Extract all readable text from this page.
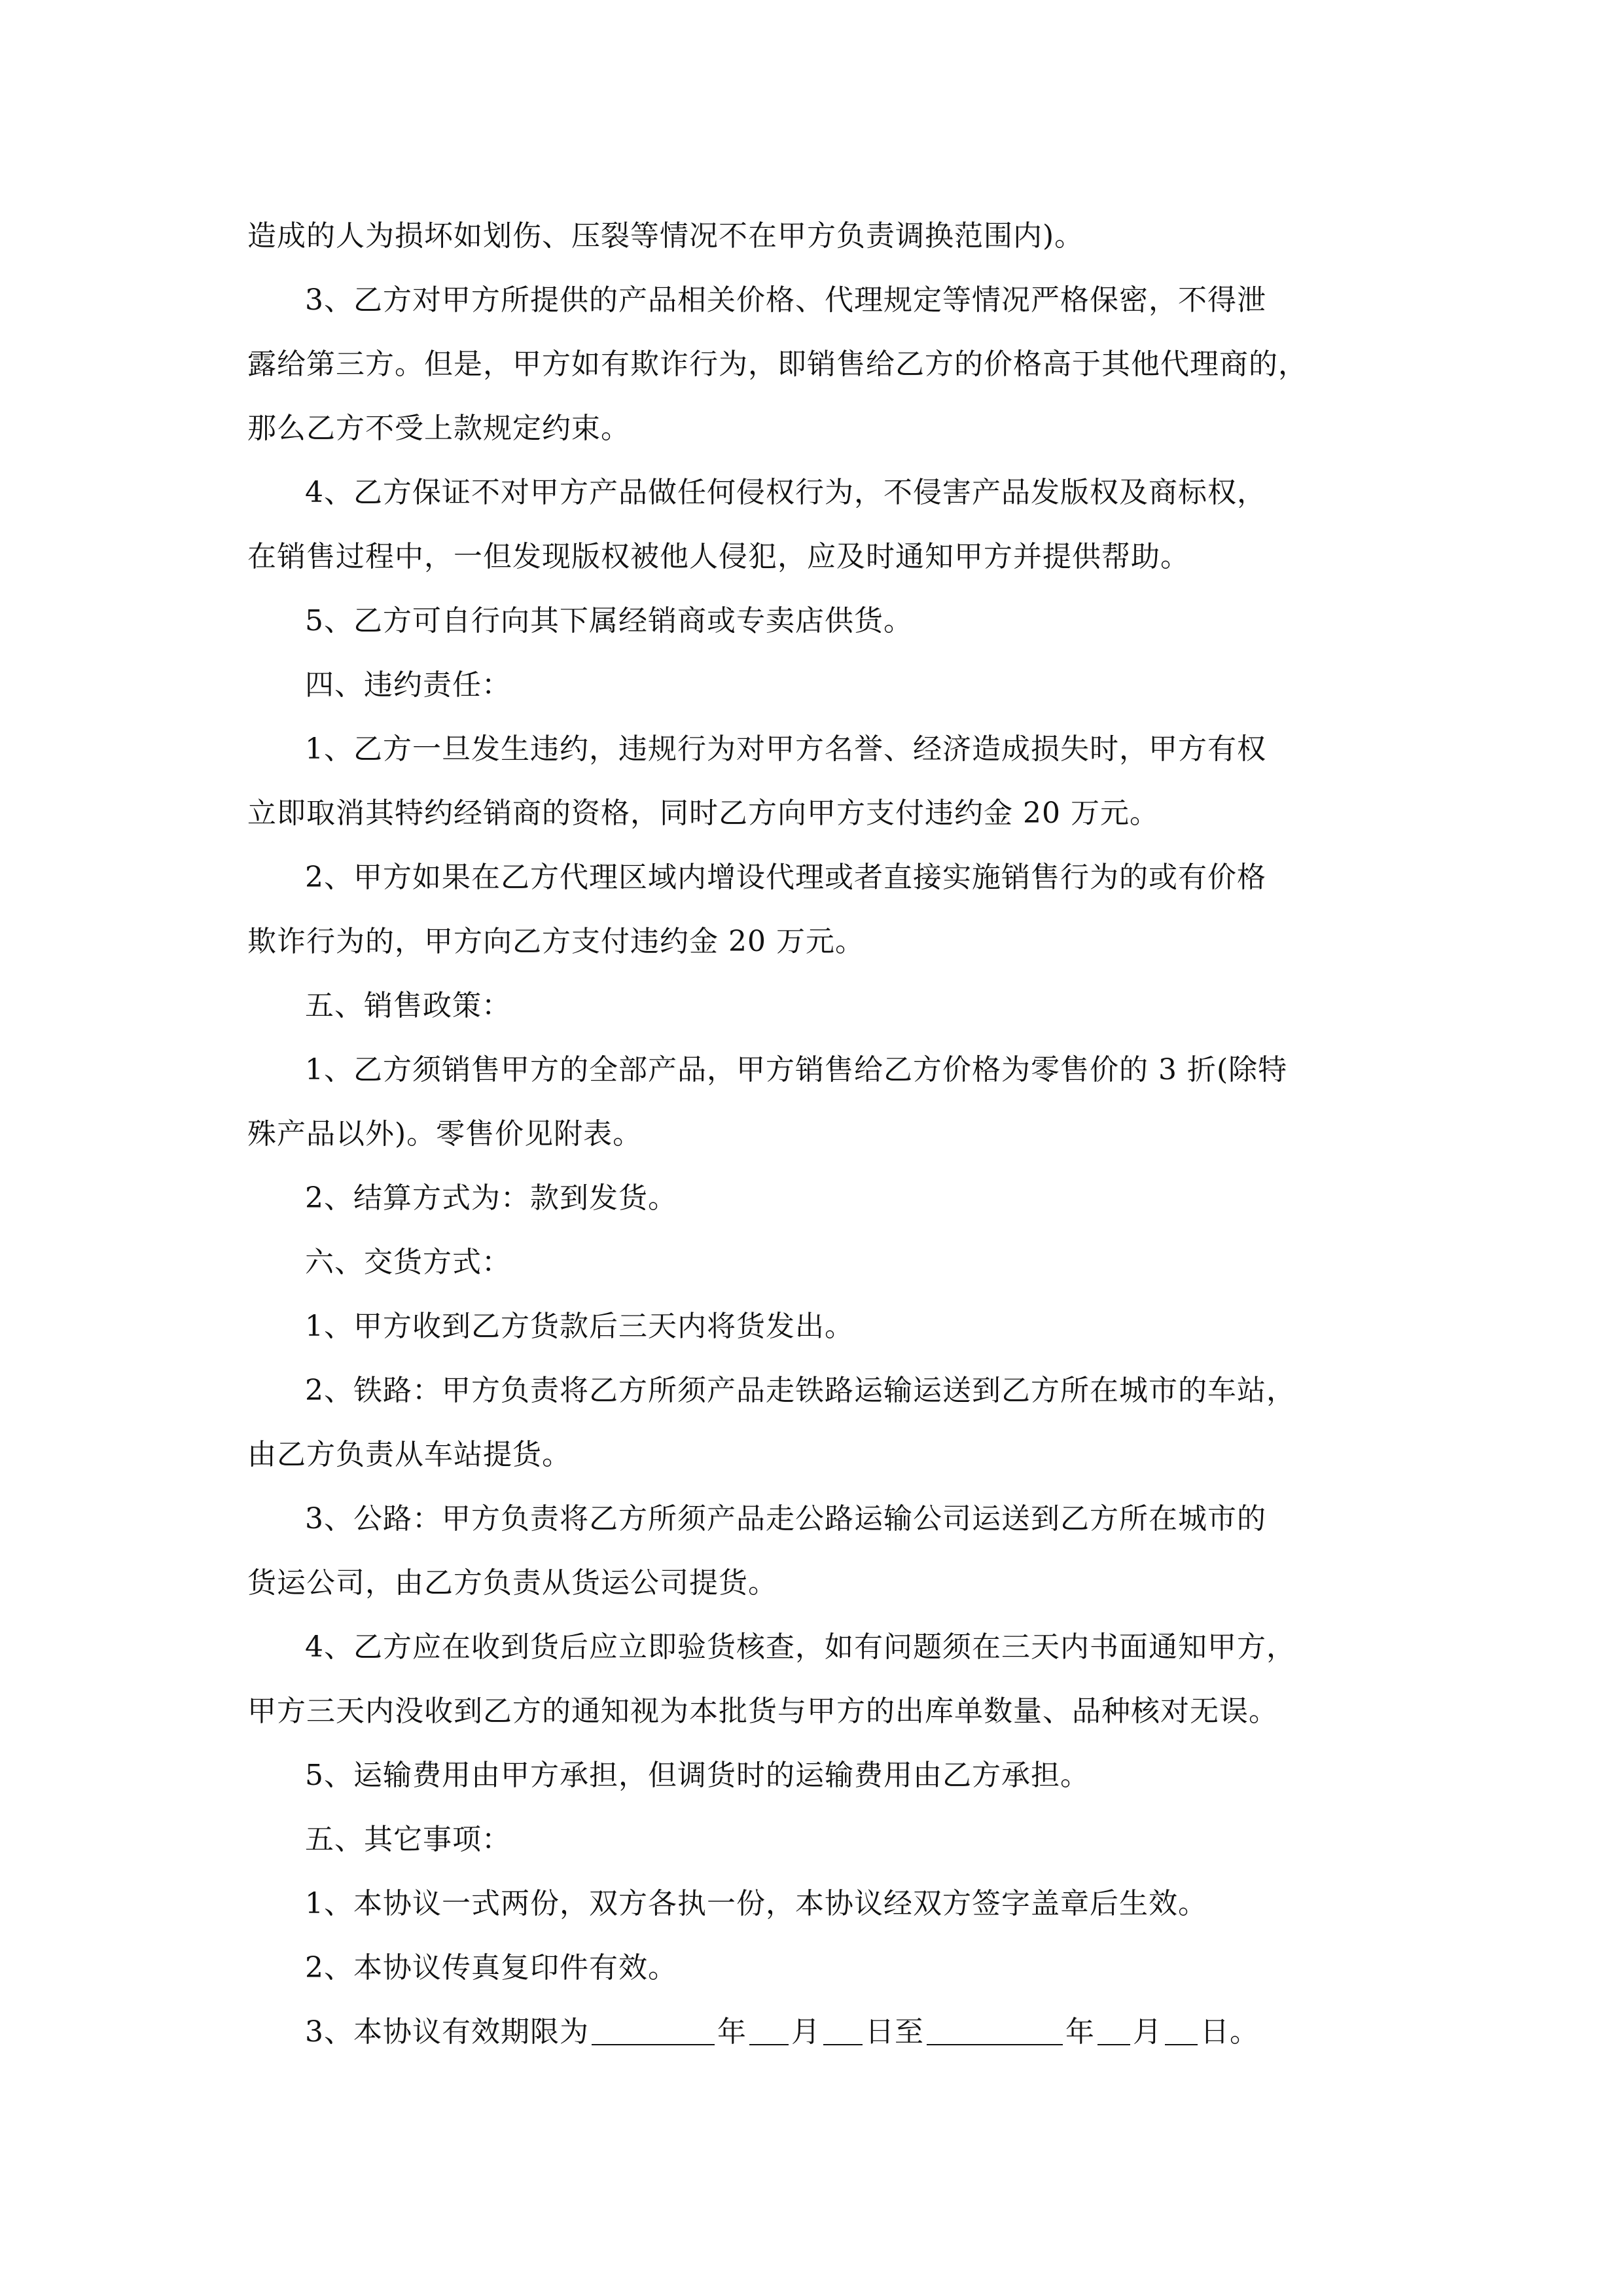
造成的人为损坏如划伤、压裂等情况不在甲方负责调换范围内)。
3、乙方对甲方所提供的产品相关价格、代理规定等情况严格保密，不得泄
露给第三方。但是，甲方如有欺诈行为，即销售给乙方的价格高于其他代理商的，
那么乙方不受上款规定约束。
4、乙方保证不对甲方产品做任何侵权行为，不侵害产品发版权及商标权，
在销售过程中，一但发现版权被他人侵犯，应及时通知甲方并提供帮助。
5、乙方可自行向其下属经销商或专卖店供货。
四、违约责任：
1、乙方一旦发生违约，违规行为对甲方名誉、经济造成损失时，甲方有权
立即取消其特约经销商的资格，同时乙方向甲方支付违约金 20 万元。
2、甲方如果在乙方代理区域内增设代理或者直接实施销售行为的或有价格
欺诈行为的，甲方向乙方支付违约金 20 万元。
五、销售政策：
1、乙方须销售甲方的全部产品，甲方销售给乙方价格为零售价的 3 折(除特
殊产品以外)。零售价见附表。
2、结算方式为：款到发货。
六、交货方式：
1、甲方收到乙方货款后三天内将货发出。
2、铁路：甲方负责将乙方所须产品走铁路运输运送到乙方所在城市的车站，
由乙方负责从车站提货。
3、公路：甲方负责将乙方所须产品走公路运输公司运送到乙方所在城市的
货运公司，由乙方负责从货运公司提货。
4、乙方应在收到货后应立即验货核查，如有问题须在三天内书面通知甲方，
甲方三天内没收到乙方的通知视为本批货与甲方的出库单数量、品种核对无误。
5、运输费用由甲方承担，但调货时的运输费用由乙方承担。
五、其它事项：
1、本协议一式两份，双方各执一份，本协议经双方签字盖章后生效。
2、本协议传真复印件有效。
3、本协议有效期限为	年 月 日至	年 月 日。
